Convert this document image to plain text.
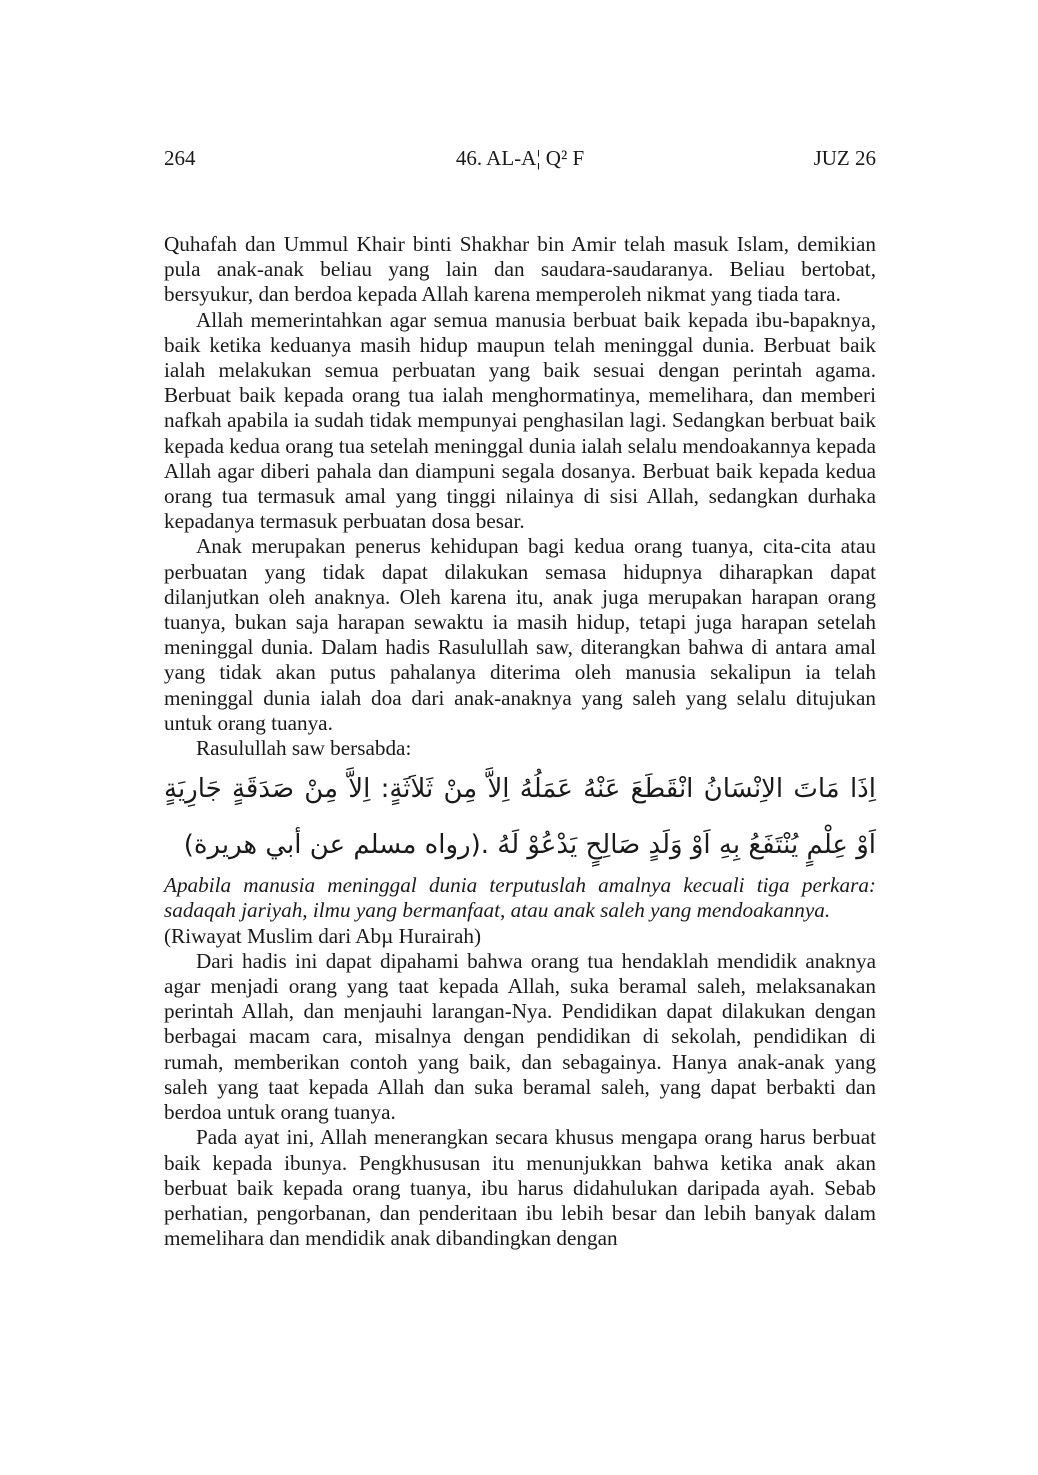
264	46. AL-A¦ Q² F	JUZ 26

Quhafah dan Ummul Khair binti Shakhar bin Amir telah masuk Islam, demikian pula anak-anak beliau yang lain dan saudara-saudaranya. Beliau bertobat, bersyukur, dan berdoa kepada Allah karena memperoleh nikmat yang tiada tara.

Allah memerintahkan agar semua manusia berbuat baik kepada ibu-bapaknya, baik ketika keduanya masih hidup maupun telah meninggal dunia. Berbuat baik ialah melakukan semua perbuatan yang baik sesuai dengan perintah agama. Berbuat baik kepada orang tua ialah menghormatinya, memelihara, dan memberi nafkah apabila ia sudah tidak mempunyai penghasilan lagi. Sedangkan berbuat baik kepada kedua orang tua setelah meninggal dunia ialah selalu mendoakannya kepada Allah agar diberi pahala dan diampuni segala dosanya. Berbuat baik kepada kedua orang tua termasuk amal yang tinggi nilainya di sisi Allah, sedangkan durhaka kepadanya termasuk perbuatan dosa besar.

Anak merupakan penerus kehidupan bagi kedua orang tuanya, cita-cita atau perbuatan yang tidak dapat dilakukan semasa hidupnya diharapkan dapat dilanjutkan oleh anaknya. Oleh karena itu, anak juga merupakan harapan orang tuanya, bukan saja harapan sewaktu ia masih hidup, tetapi juga harapan setelah meninggal dunia. Dalam hadis Rasulullah saw, diterangkan bahwa di antara amal yang tidak akan putus pahalanya diterima oleh manusia sekalipun ia telah meninggal dunia ialah doa dari anak-anaknya yang saleh yang selalu ditujukan untuk orang tuanya.

Rasulullah saw bersabda:

اِذَا مَاتَ الاِنْسَانُ انْقَطَعَ عَنْهُ عَمَلُهُ اِلاَّ مِنْ ثَلاَثَةٍ: اِلاَّ مِنْ صَدَقَةٍ جَارِيَةٍ اَوْ عِلْمٍ يُنْتَفَعُ بِهِ اَوْ وَلَدٍ صَالِحٍ يَدْعُوْ لَهُ .(رواه مسلم عن أبي هريرة)

Apabila manusia meninggal dunia terputuslah amalnya kecuali tiga perkara: sadaqah jariyah, ilmu yang bermanfaat, atau anak saleh yang mendoakannya.

(Riwayat Muslim dari Abµ Hurairah)

Dari hadis ini dapat dipahami bahwa orang tua hendaklah mendidik anaknya agar menjadi orang yang taat kepada Allah, suka beramal saleh, melaksanakan perintah Allah, dan menjauhi larangan-Nya. Pendidikan dapat dilakukan dengan berbagai macam cara, misalnya dengan pendidikan di sekolah, pendidikan di rumah, memberikan contoh yang baik, dan sebagainya. Hanya anak-anak yang saleh yang taat kepada Allah dan suka beramal saleh, yang dapat berbakti dan berdoa untuk orang tuanya.

Pada ayat ini, Allah menerangkan secara khusus mengapa orang harus berbuat baik kepada ibunya. Pengkhususan itu menunjukkan bahwa ketika anak akan berbuat baik kepada orang tuanya, ibu harus didahulukan daripada ayah. Sebab perhatian, pengorbanan, dan penderitaan ibu lebih besar dan lebih banyak dalam memelihara dan mendidik anak dibandingkan dengan
